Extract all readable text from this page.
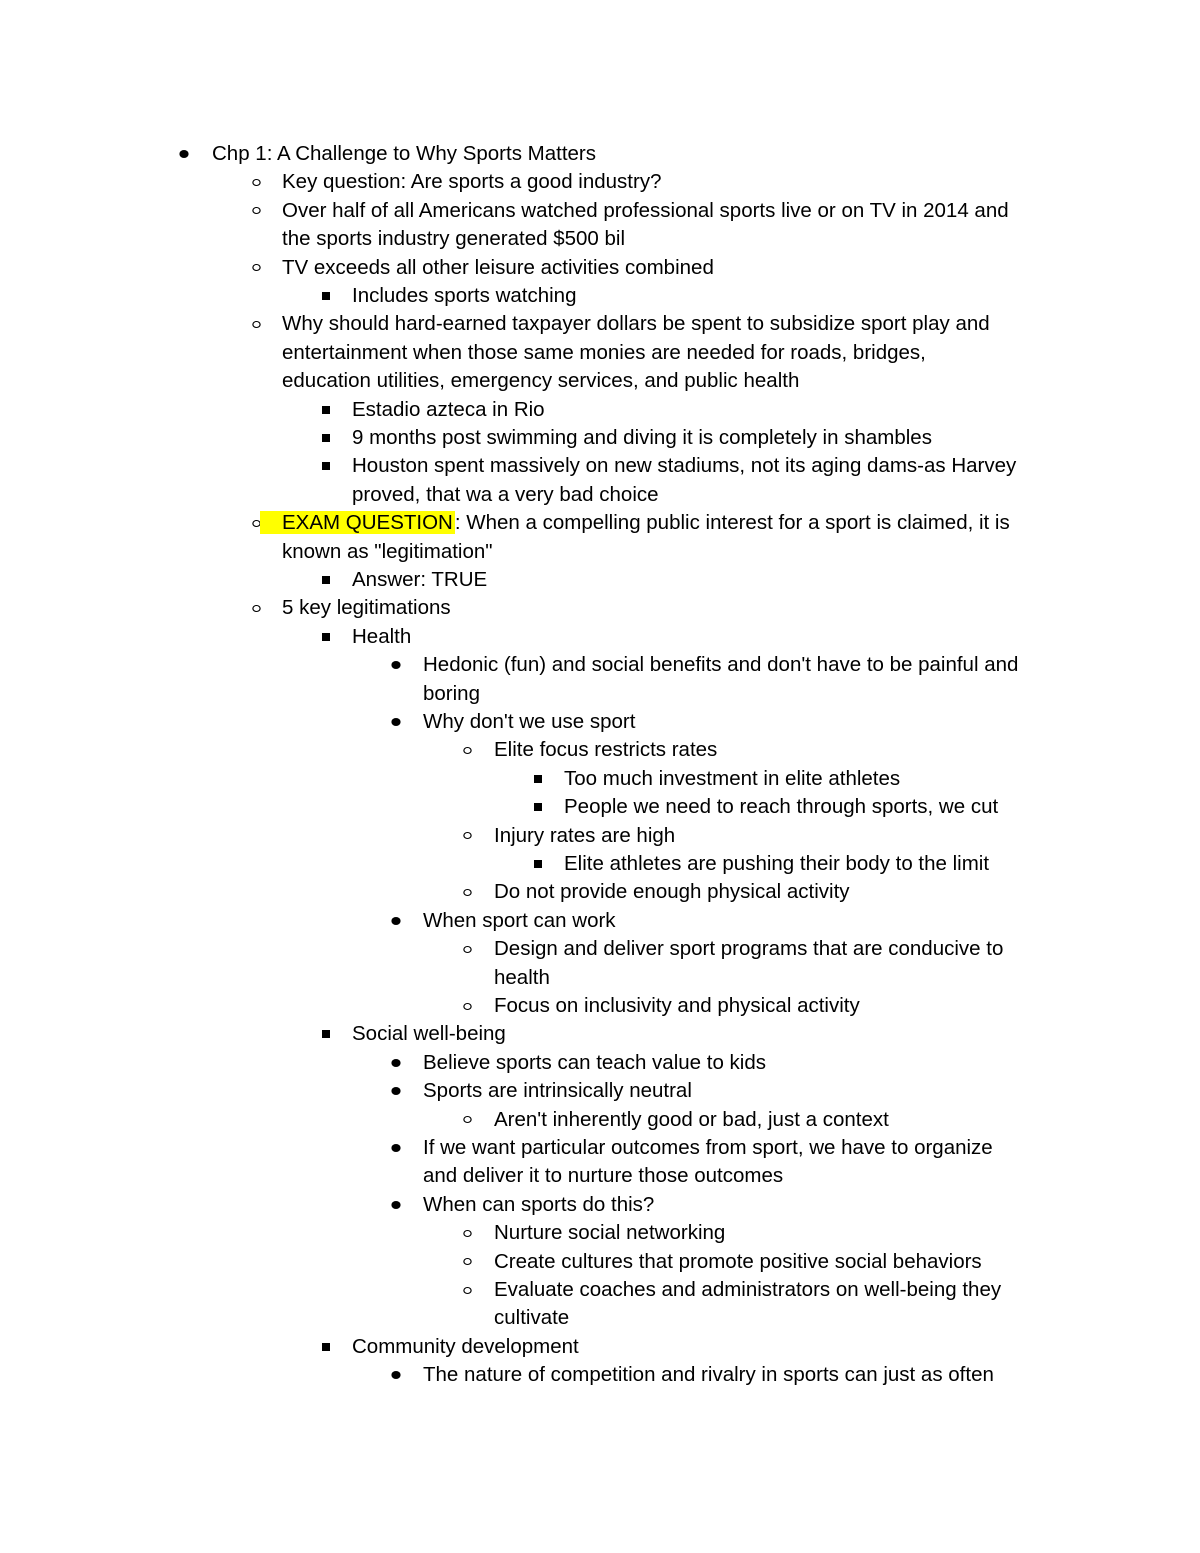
Chp 1: A Challenge to Why Sports Matters
Key question: Are sports a good industry?
Over half of all Americans watched professional sports live or on TV in 2014 and
the sports industry generated $500 bil
TV exceeds all other leisure activities combined
Includes sports watching
Why should hard-earned taxpayer dollars be spent to subsidize sport play and
entertainment when those same monies are needed for roads, bridges,
education utilities, emergency services, and public health
Estadio azteca in Rio
9 months post swimming and diving it is completely in shambles
Houston spent massively on new stadiums, not its aging dams-as Harvey
proved, that wa a very bad choice
EXAM QUESTION: When a compelling public interest for a sport is claimed, it is
known as "legitimation"
Answer: TRUE
5 key legitimations
Health
Hedonic (fun) and social benefits and don't have to be painful and
boring
Why don't we use sport
Elite focus restricts rates
Too much investment in elite athletes
People we need to reach through sports, we cut
Injury rates are high
Elite athletes are pushing their body to the limit
Do not provide enough physical activity
When sport can work
Design and deliver sport programs that are conducive to
health
Focus on inclusivity and physical activity
Social well-being
Believe sports can teach value to kids
Sports are intrinsically neutral
Aren't inherently good or bad, just a context
If we want particular outcomes from sport, we have to organize
and deliver it to nurture those outcomes
When can sports do this?
Nurture social networking
Create cultures that promote positive social behaviors
Evaluate coaches and administrators on well-being they
cultivate
Community development
The nature of competition and rivalry in sports can just as often
